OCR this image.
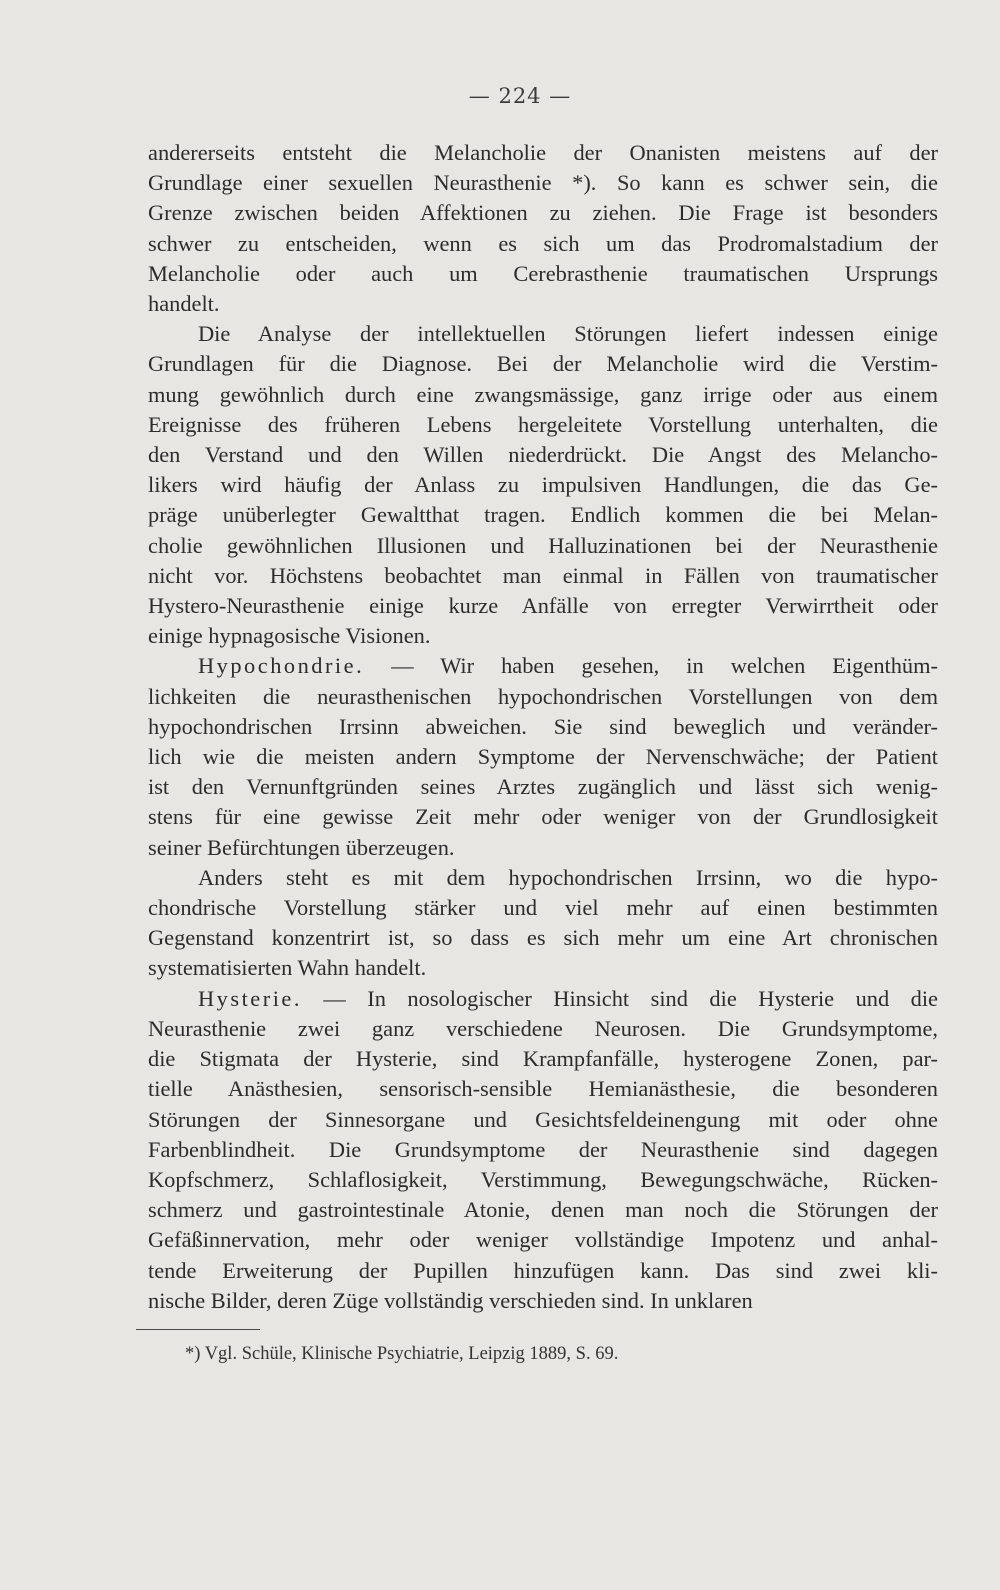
— 224 —
andererseits entsteht die Melancholie der Onanisten meistens auf der
Grundlage einer sexuellen Neurasthenie *). So kann es schwer sein, die
Grenze zwischen beiden Affektionen zu ziehen. Die Frage ist besonders
schwer zu entscheiden, wenn es sich um das Prodromalstadium der
Melancholie oder auch um Cerebrasthenie traumatischen Ursprungs
handelt.
Die Analyse der intellektuellen Störungen liefert indessen einige
Grundlagen für die Diagnose. Bei der Melancholie wird die Verstim-
mung gewöhnlich durch eine zwangsmässige, ganz irrige oder aus einem
Ereignisse des früheren Lebens hergeleitete Vorstellung unterhalten, die
den Verstand und den Willen niederdrückt. Die Angst des Melancho-
likers wird häufig der Anlass zu impulsiven Handlungen, die das Ge-
präge unüberlegter Gewaltthat tragen. Endlich kommen die bei Melan-
cholie gewöhnlichen Illusionen und Halluzinationen bei der Neurasthenie
nicht vor. Höchstens beobachtet man einmal in Fällen von traumatischer
Hystero-Neurasthenie einige kurze Anfälle von erregter Verwirrtheit oder
einige hypnagosische Visionen.
Hypochondrie. — Wir haben gesehen, in welchen Eigenthüm-
lichkeiten die neurasthenischen hypochondrischen Vorstellungen von dem
hypochondrischen Irrsinn abweichen. Sie sind beweglich und veränder-
lich wie die meisten andern Symptome der Nervenschwäche; der Patient
ist den Vernunftgründen seines Arztes zugänglich und lässt sich wenig-
stens für eine gewisse Zeit mehr oder weniger von der Grundlosigkeit
seiner Befürchtungen überzeugen.
Anders steht es mit dem hypochondrischen Irrsinn, wo die hypo-
chondrische Vorstellung stärker und viel mehr auf einen bestimmten
Gegenstand konzentrirt ist, so dass es sich mehr um eine Art chronischen
systematisierten Wahn handelt.
Hysterie. — In nosologischer Hinsicht sind die Hysterie und die
Neurasthenie zwei ganz verschiedene Neurosen. Die Grundsymptome,
die Stigmata der Hysterie, sind Krampfanfälle, hysterogene Zonen, par-
tielle Anästhesien, sensorisch-sensible Hemianästhesie, die besonderen
Störungen der Sinnesorgane und Gesichtsfeldeinengung mit oder ohne
Farbenblindheit. Die Grundsymptome der Neurasthenie sind dagegen
Kopfschmerz, Schlaflosigkeit, Verstimmung, Bewegungschwäche, Rücken-
schmerz und gastrointestinale Atonie, denen man noch die Störungen der
Gefäßinnervation, mehr oder weniger vollständige Impotenz und anhal-
tende Erweiterung der Pupillen hinzufügen kann. Das sind zwei kli-
nische Bilder, deren Züge vollständig verschieden sind. In unklaren
*) Vgl. Schüle, Klinische Psychiatrie, Leipzig 1889, S. 69.
